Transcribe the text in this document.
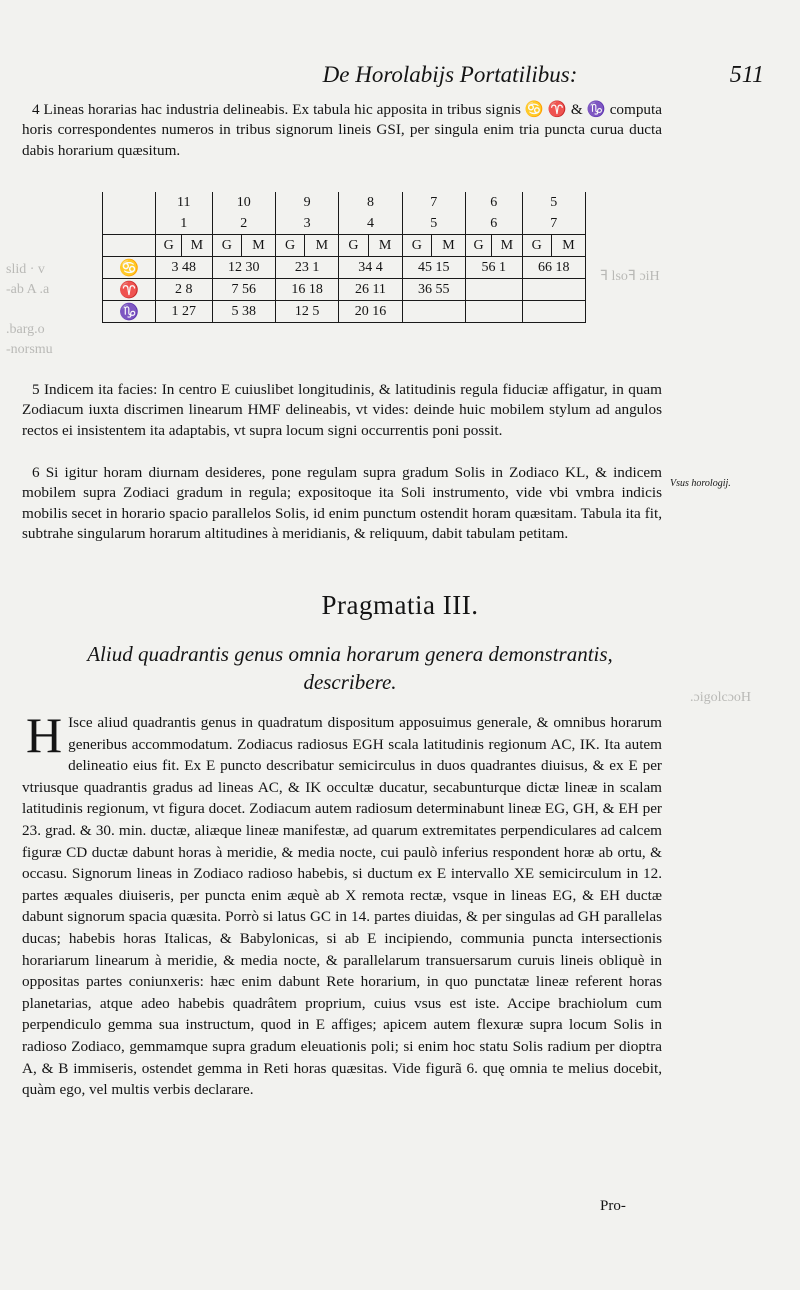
slid · v
-ab A .a
.barg.o
-norsmu
ꟻ lsoꟻ ɔiH
.ɔigolcɔoH
De Horolabijs Portatilibus:	511
4 Lineas horarias hac industria delineabis. Ex tabula hic apposita in tribus signis ♋ ♈ & ♑ computa horis correspondentes numeros in tribus signorum lineis GSI, per singula enim tria puncta curua ducta dabis horarium quæsitum.
	11		10		9		8		7		6		5	
	1		2		3		4		5		6		7	
	G	M	G	M	G	M	G	M	G	M	G	M	G	M
♋	3 48		12 30		23 1		34 4		45 15		56 1		66 18	
♈	2 8		7 56		16 18		26 11		36 55					
♑	1 27		5 38		12 5		20 16							
5 Indicem ita facies: In centro E cuiuslibet longitudinis, & latitudinis regula fiduciæ affigatur, in quam Zodiacum iuxta discrimen linearum HMF delineabis, vt vides: deinde huic mobilem stylum ad angulos rectos ei insistentem ita adaptabis, vt supra locum signi occurrentis poni possit.
6 Si igitur horam diurnam desideres, pone regulam supra gradum Solis in Zodiaco KL, & indicem mobilem supra Zodiaci gradum in regula; expositoque ita Soli instrumento, vide vbi vmbra indicis mobilis secet in horario spacio parallelos Solis, id enim punctum ostendit horam quæsitam. Tabula ita fit, subtrahe singularum horarum altitudines à meridianis, & reliquum, dabit tabulam petitam.
Vsus horologij.
Pragmatia III.
Aliud quadrantis genus omnia horarum genera demonstrantis,
describere.
H Isce aliud quadrantis genus in quadratum dispositum apposuimus generale, & omnibus horarum generibus accommodatum. Zodiacus radiosus EGH scala latitudinis regionum AC, IK. Ita autem delineatio eius fit. Ex E puncto describatur semicirculus in duos quadrantes diuisus, & ex E per vtriusque quadrantis gradus ad lineas AC, & IK occultæ ducatur, secabunturque dictæ lineæ in scalam latitudinis regionum, vt figura docet. Zodiacum autem radiosum determinabunt lineæ EG, GH, & EH per 23. grad. & 30. min. ductæ, aliæque lineæ manifestæ, ad quarum extremitates perpendiculares ad calcem figuræ CD ductæ dabunt horas à meridie, & media nocte, cui paulò inferius respondent horæ ab ortu, & occasu. Signorum lineas in Zodiaco radioso habebis, si ductum ex E intervallo XE semicirculum in 12. partes æquales diuiseris, per puncta enim æquè ab X remota rectæ, vsque in lineas EG, & EH ductæ dabunt signorum spacia quæsita. Porrò si latus GC in 14. partes diuidas, & per singulas ad GH parallelas ducas; habebis horas Italicas, & Babylonicas, si ab E incipiendo, communia puncta intersectionis horariarum linearum à meridie, & media nocte, & parallelarum transuersarum curuis lineis obliquè in oppositas partes coniunxeris: hæc enim dabunt Rete horarium, in quo punctatæ lineæ referent horas planetarias, atque adeo habebis quadrâtem proprium, cuius vsus est iste. Accipe brachiolum cum perpendiculo gemma sua instructum, quod in E affiges; apicem autem flexuræ supra locum Solis in radioso Zodiaco, gemmamque supra gradum eleuationis poli; si enim hoc statu Solis radium per dioptra A, & B immiseris, ostendet gemma in Reti horas quæsitas. Vide figurã 6. quę omnia te melius docebit, quàm ego, vel multis verbis declarare.
Pro-
